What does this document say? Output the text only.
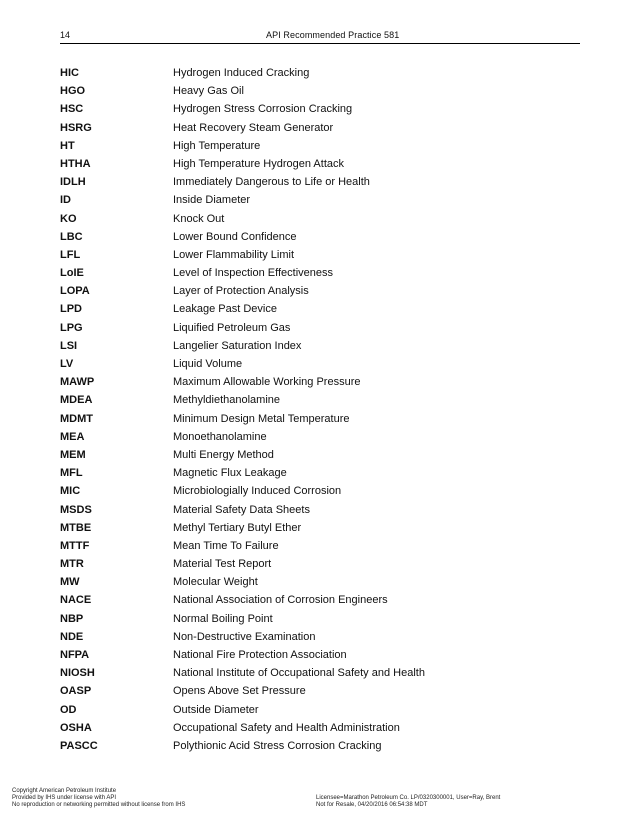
14	API Recommended Practice 581
HIC	Hydrogen Induced Cracking
HGO	Heavy Gas Oil
HSC	Hydrogen Stress Corrosion Cracking
HSRG	Heat Recovery Steam Generator
HT	High Temperature
HTHA	High Temperature Hydrogen Attack
IDLH	Immediately Dangerous to Life or Health
ID	Inside Diameter
KO	Knock Out
LBC	Lower Bound Confidence
LFL	Lower Flammability Limit
LoIE	Level of Inspection Effectiveness
LOPA	Layer of Protection Analysis
LPD	Leakage Past Device
LPG	Liquified Petroleum Gas
LSI	Langelier Saturation Index
LV	Liquid Volume
MAWP	Maximum Allowable Working Pressure
MDEA	Methyldiethanolamine
MDMT	Minimum Design Metal Temperature
MEA	Monoethanolamine
MEM	Multi Energy Method
MFL	Magnetic Flux Leakage
MIC	Microbiologially Induced Corrosion
MSDS	Material Safety Data Sheets
MTBE	Methyl Tertiary Butyl Ether
MTTF	Mean Time To Failure
MTR	Material Test Report
MW	Molecular Weight
NACE	National Association of Corrosion Engineers
NBP	Normal Boiling Point
NDE	Non-Destructive Examination
NFPA	National Fire Protection Association
NIOSH	National Institute of Occupational Safety and Health
OASP	Opens Above Set Pressure
OD	Outside Diameter
OSHA	Occupational Safety and Health Administration
PASCC	Polythionic Acid Stress Corrosion Cracking
Copyright American Petroleum Institute
Provided by IHS under license with API
No reproduction or networking permitted without license from IHS
Licensee=Marathon Petroleum Co. LP/0320300001, User=Ray, Brent
Not for Resale, 04/20/2016 06:54:38 MDT
